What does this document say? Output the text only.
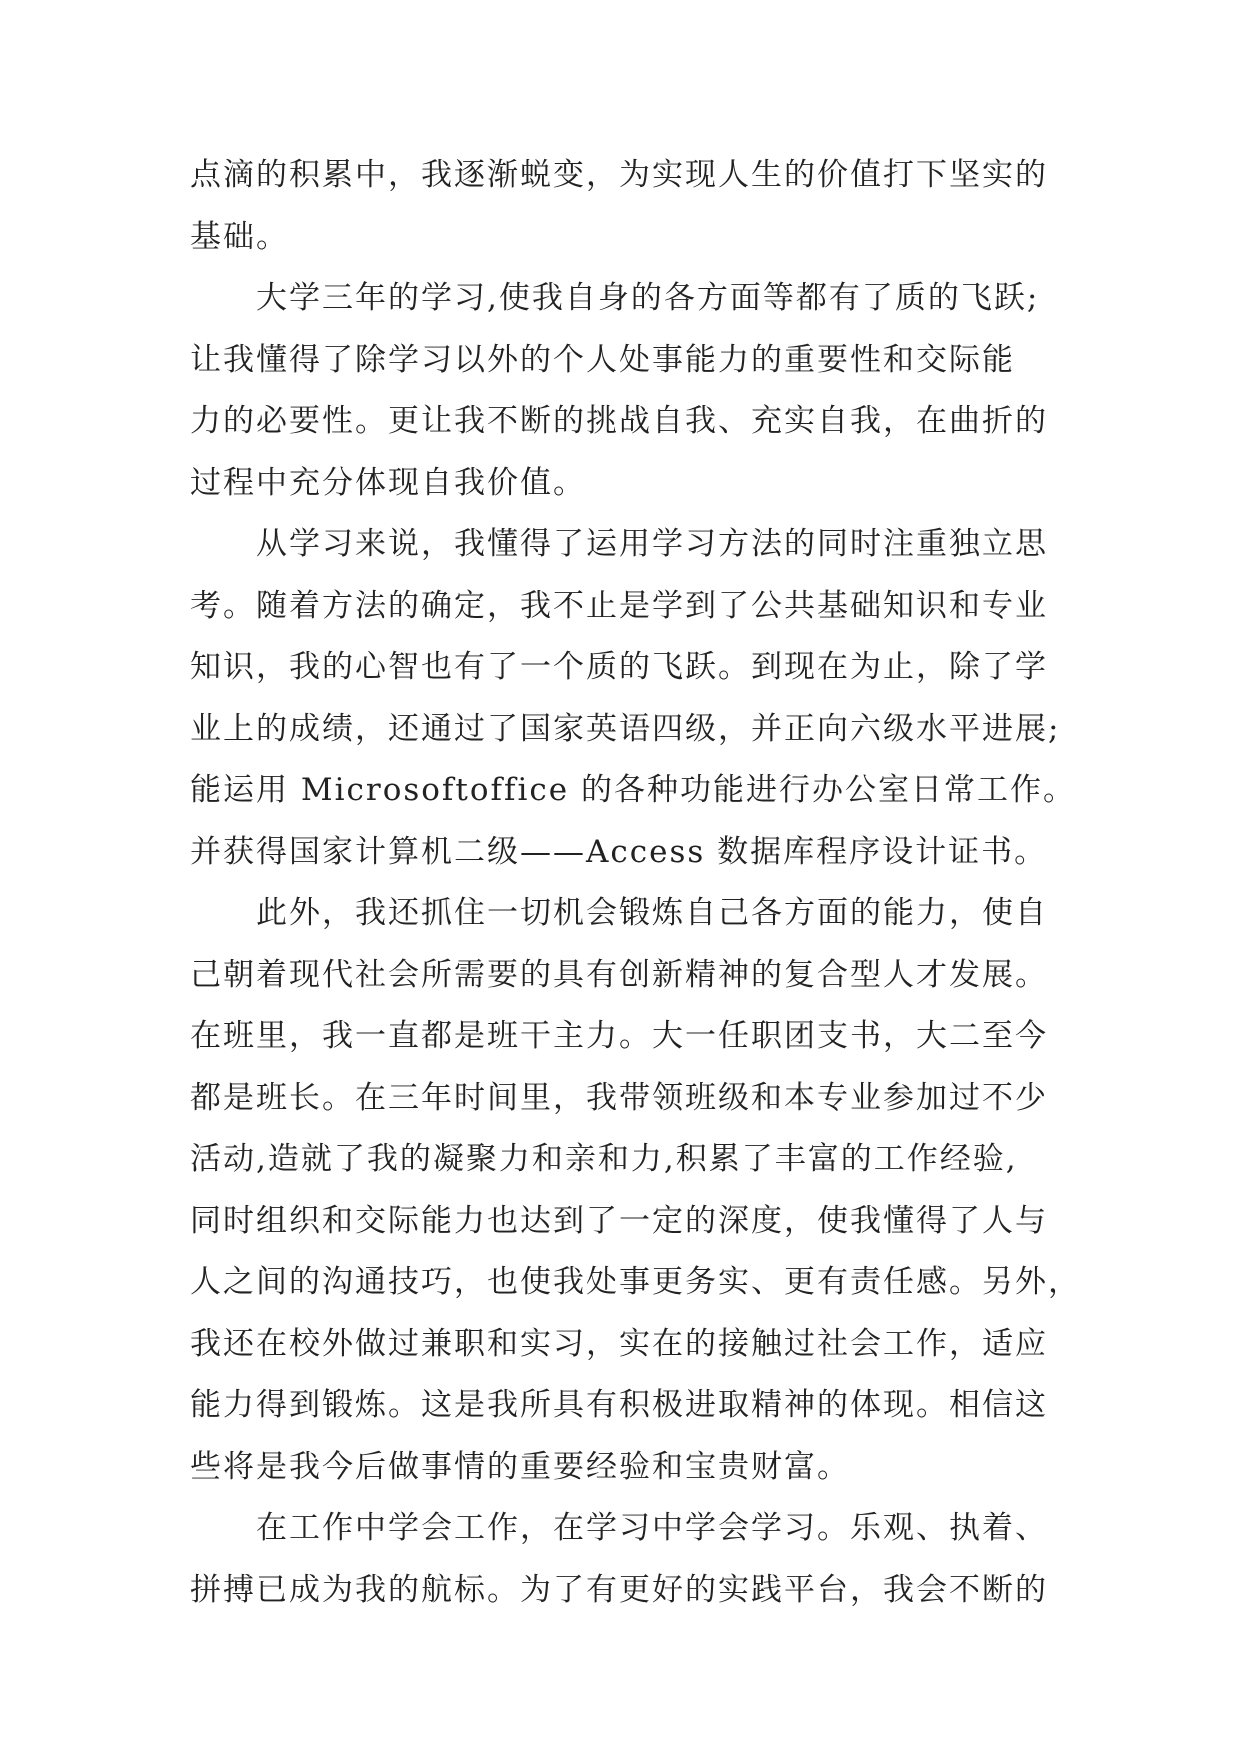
点滴的积累中，我逐渐蜕变，为实现人生的价值打下坚实的
基础。
大学三年的学习,使我自身的各方面等都有了质的飞跃;
让我懂得了除学习以外的个人处事能力的重要性和交际能
力的必要性。更让我不断的挑战自我、充实自我，在曲折的
过程中充分体现自我价值。
从学习来说，我懂得了运用学习方法的同时注重独立思
考。随着方法的确定，我不止是学到了公共基础知识和专业
知识，我的心智也有了一个质的飞跃。到现在为止，除了学
业上的成绩，还通过了国家英语四级，并正向六级水平进展;
能运用 Microsoftoffice 的各种功能进行办公室日常工作。
并获得国家计算机二级——Access 数据库程序设计证书。
此外，我还抓住一切机会锻炼自己各方面的能力，使自
己朝着现代社会所需要的具有创新精神的复合型人才发展。
在班里，我一直都是班干主力。大一任职团支书，大二至今
都是班长。在三年时间里，我带领班级和本专业参加过不少
活动,造就了我的凝聚力和亲和力,积累了丰富的工作经验,
同时组织和交际能力也达到了一定的深度，使我懂得了人与
人之间的沟通技巧，也使我处事更务实、更有责任感。另外，
我还在校外做过兼职和实习，实在的接触过社会工作，适应
能力得到锻炼。这是我所具有积极进取精神的体现。相信这
些将是我今后做事情的重要经验和宝贵财富。
在工作中学会工作，在学习中学会学习。乐观、执着、
拼搏已成为我的航标。为了有更好的实践平台，我会不断的
